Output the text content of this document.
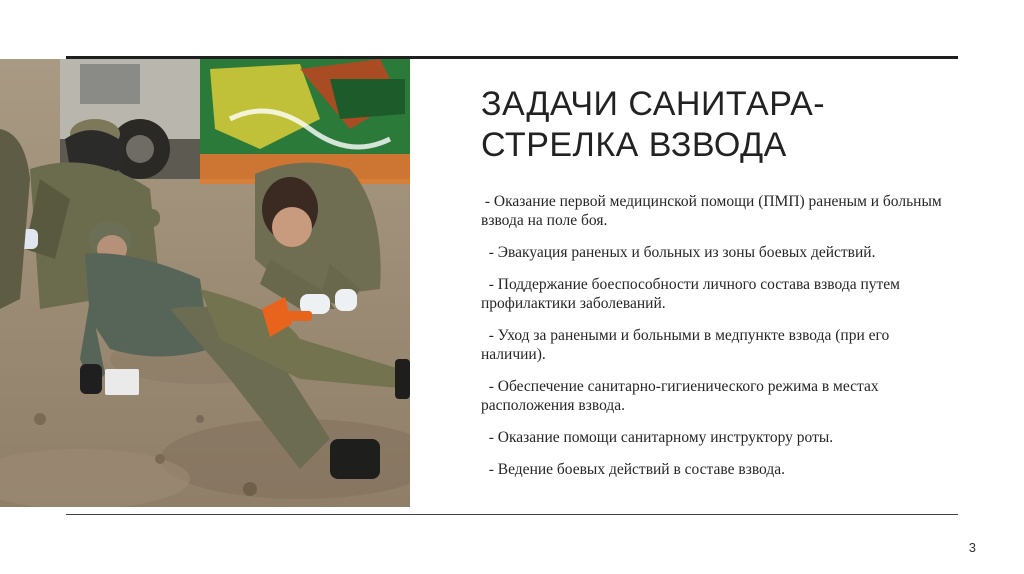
ЗАДАЧИ САНИТАРА-СТРЕЛКА ВЗВОДА
- Оказание первой медицинской помощи (ПМП) раненым и больным взвода на поле боя.
- Эвакуация раненых и больных из зоны боевых действий.
- Поддержание боеспособности личного состава взвода путем профилактики заболеваний.
- Уход за ранеными и больными в медпункте взвода (при его наличии).
- Обеспечение санитарно-гигиенического режима в местах расположения взвода.
- Оказание помощи санитарному инструктору роты.
- Ведение боевых действий в составе взвода.
3
